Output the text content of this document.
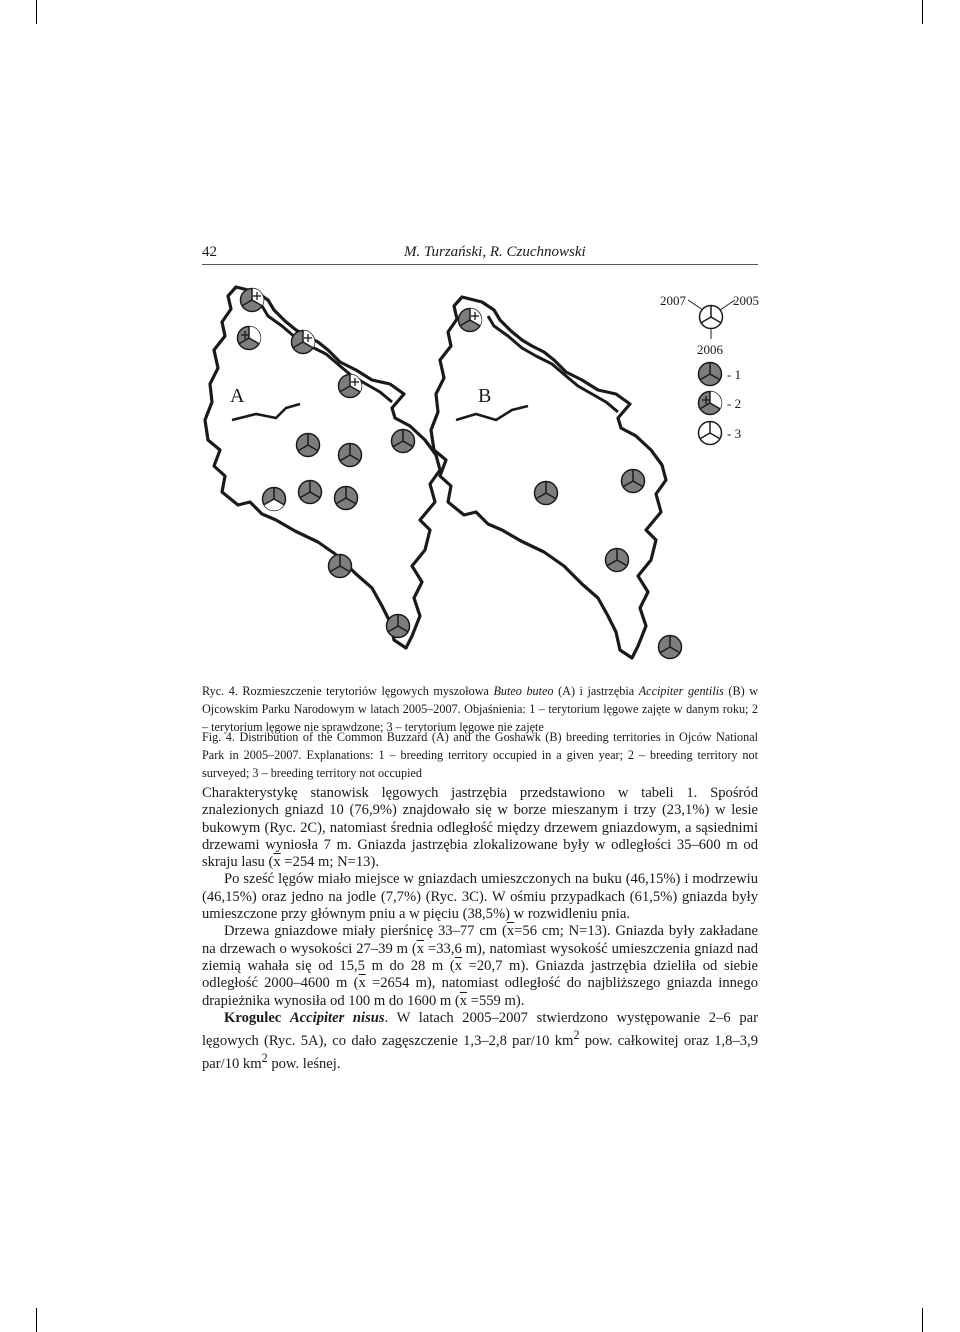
42	M. Turzański, R. Czuchnowski
A	B
2007	2005
2006
- 1
- 2
- 3
Ryc. 4. Rozmieszczenie terytoriów lęgowych myszołowa Buteo buteo (A) i jastrzębia Accipiter gentilis (B) w Ojcowskim Parku Narodowym w latach 2005–2007. Objaśnienia: 1 – terytorium lęgowe zajęte w danym roku; 2 – terytorium lęgowe nie sprawdzone; 3 – terytorium lęgowe nie zajęte
Fig. 4. Distribution of the Common Buzzard (A) and the Goshawk (B) breeding territories in Ojców National Park in 2005–2007. Explanations: 1 – breeding territory occupied in a given year; 2 – breeding territory not surveyed; 3 – breeding territory not occupied

Charakterystykę stanowisk lęgowych jastrzębia przedstawiono w tabeli 1. Spośród znalezionych gniazd 10 (76,9%) znajdowało się w borze mieszanym i trzy (23,1%) w lesie bukowym (Ryc. 2C), natomiast średnia odległość między drzewem gniazdowym, a sąsiednimi drzewami wyniosła 7 m. Gniazda jastrzębia zlokalizowane były w odległości 35–600 m od skraju lasu ($\overline{x} =254$ m; N=13).

Po sześć lęgów miało miejsce w gniazdach umieszczonych na buku (46,15%) i modrzewiu (46,15%) oraz jedno na jodle (7,7%) (Ryc. 3C). W ośmiu przypadkach (61,5%) gniazda były umieszczone przy głównym pniu a w pięciu (38,5%) w rozwidleniu pnia.

Drzewa gniazdowe miały pierśnicę 33–77 cm ($\overline{x}=56$ cm; N=13). Gniazda były zakładane na drzewach o wysokości 27–39 m ($\overline{x} =33,6$ m), natomiast wysokość umieszczenia gniazd nad ziemią wahała się od 15,5 m do 28 m ($\overline{x} =20,7$ m). Gniazda jastrzębia dzieliła od siebie odległość 2000–4600 m ($\overline{x} =2654$ m), natomiast odległość do najbliższego gniazda innego drapieżnika wynosiła od 100 m do 1600 m ($\overline{x} =559$ m).

Krogulec Accipiter nisus. W latach 2005–2007 stwierdzono występowanie 2–6 par lęgowych (Ryc. 5A), co dało zagęszczenie 1,3–2,8 par/10 $km^2$ pow. całkowitej oraz 1,8–3,9 par/10 $km^2$ pow. leśnej.
